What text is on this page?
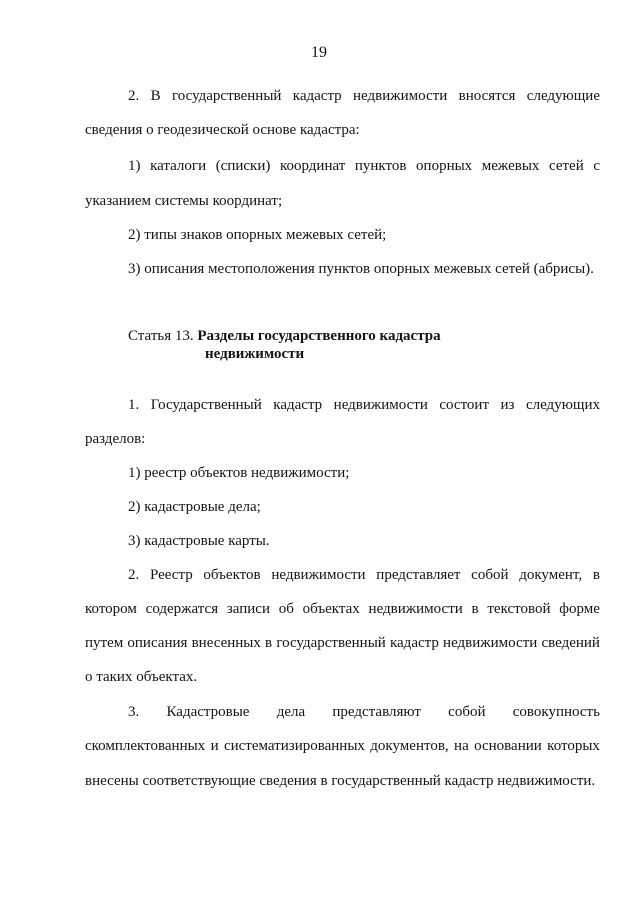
19
2. В государственный кадастр недвижимости вносятся следующие
сведения о геодезической основе кадастра:
1) каталоги (списки) координат пунктов опорных межевых сетей с
указанием системы координат;
2) типы знаков опорных межевых сетей;
3) описания местоположения пунктов опорных межевых сетей (абрисы).
Статья 13. Разделы государственного кадастра
недвижимости
1. Государственный кадастр недвижимости состоит из следующих
разделов:
1) реестр объектов недвижимости;
2) кадастровые дела;
3) кадастровые карты.
2. Реестр объектов недвижимости представляет собой документ, в
котором содержатся записи об объектах недвижимости в текстовой форме
путем описания внесенных в государственный кадастр недвижимости сведений
о таких объектах.
3. Кадастровые дела представляют собой совокупность
скомплектованных и систематизированных документов, на основании которых
внесены соответствующие сведения в государственный кадастр недвижимости.
